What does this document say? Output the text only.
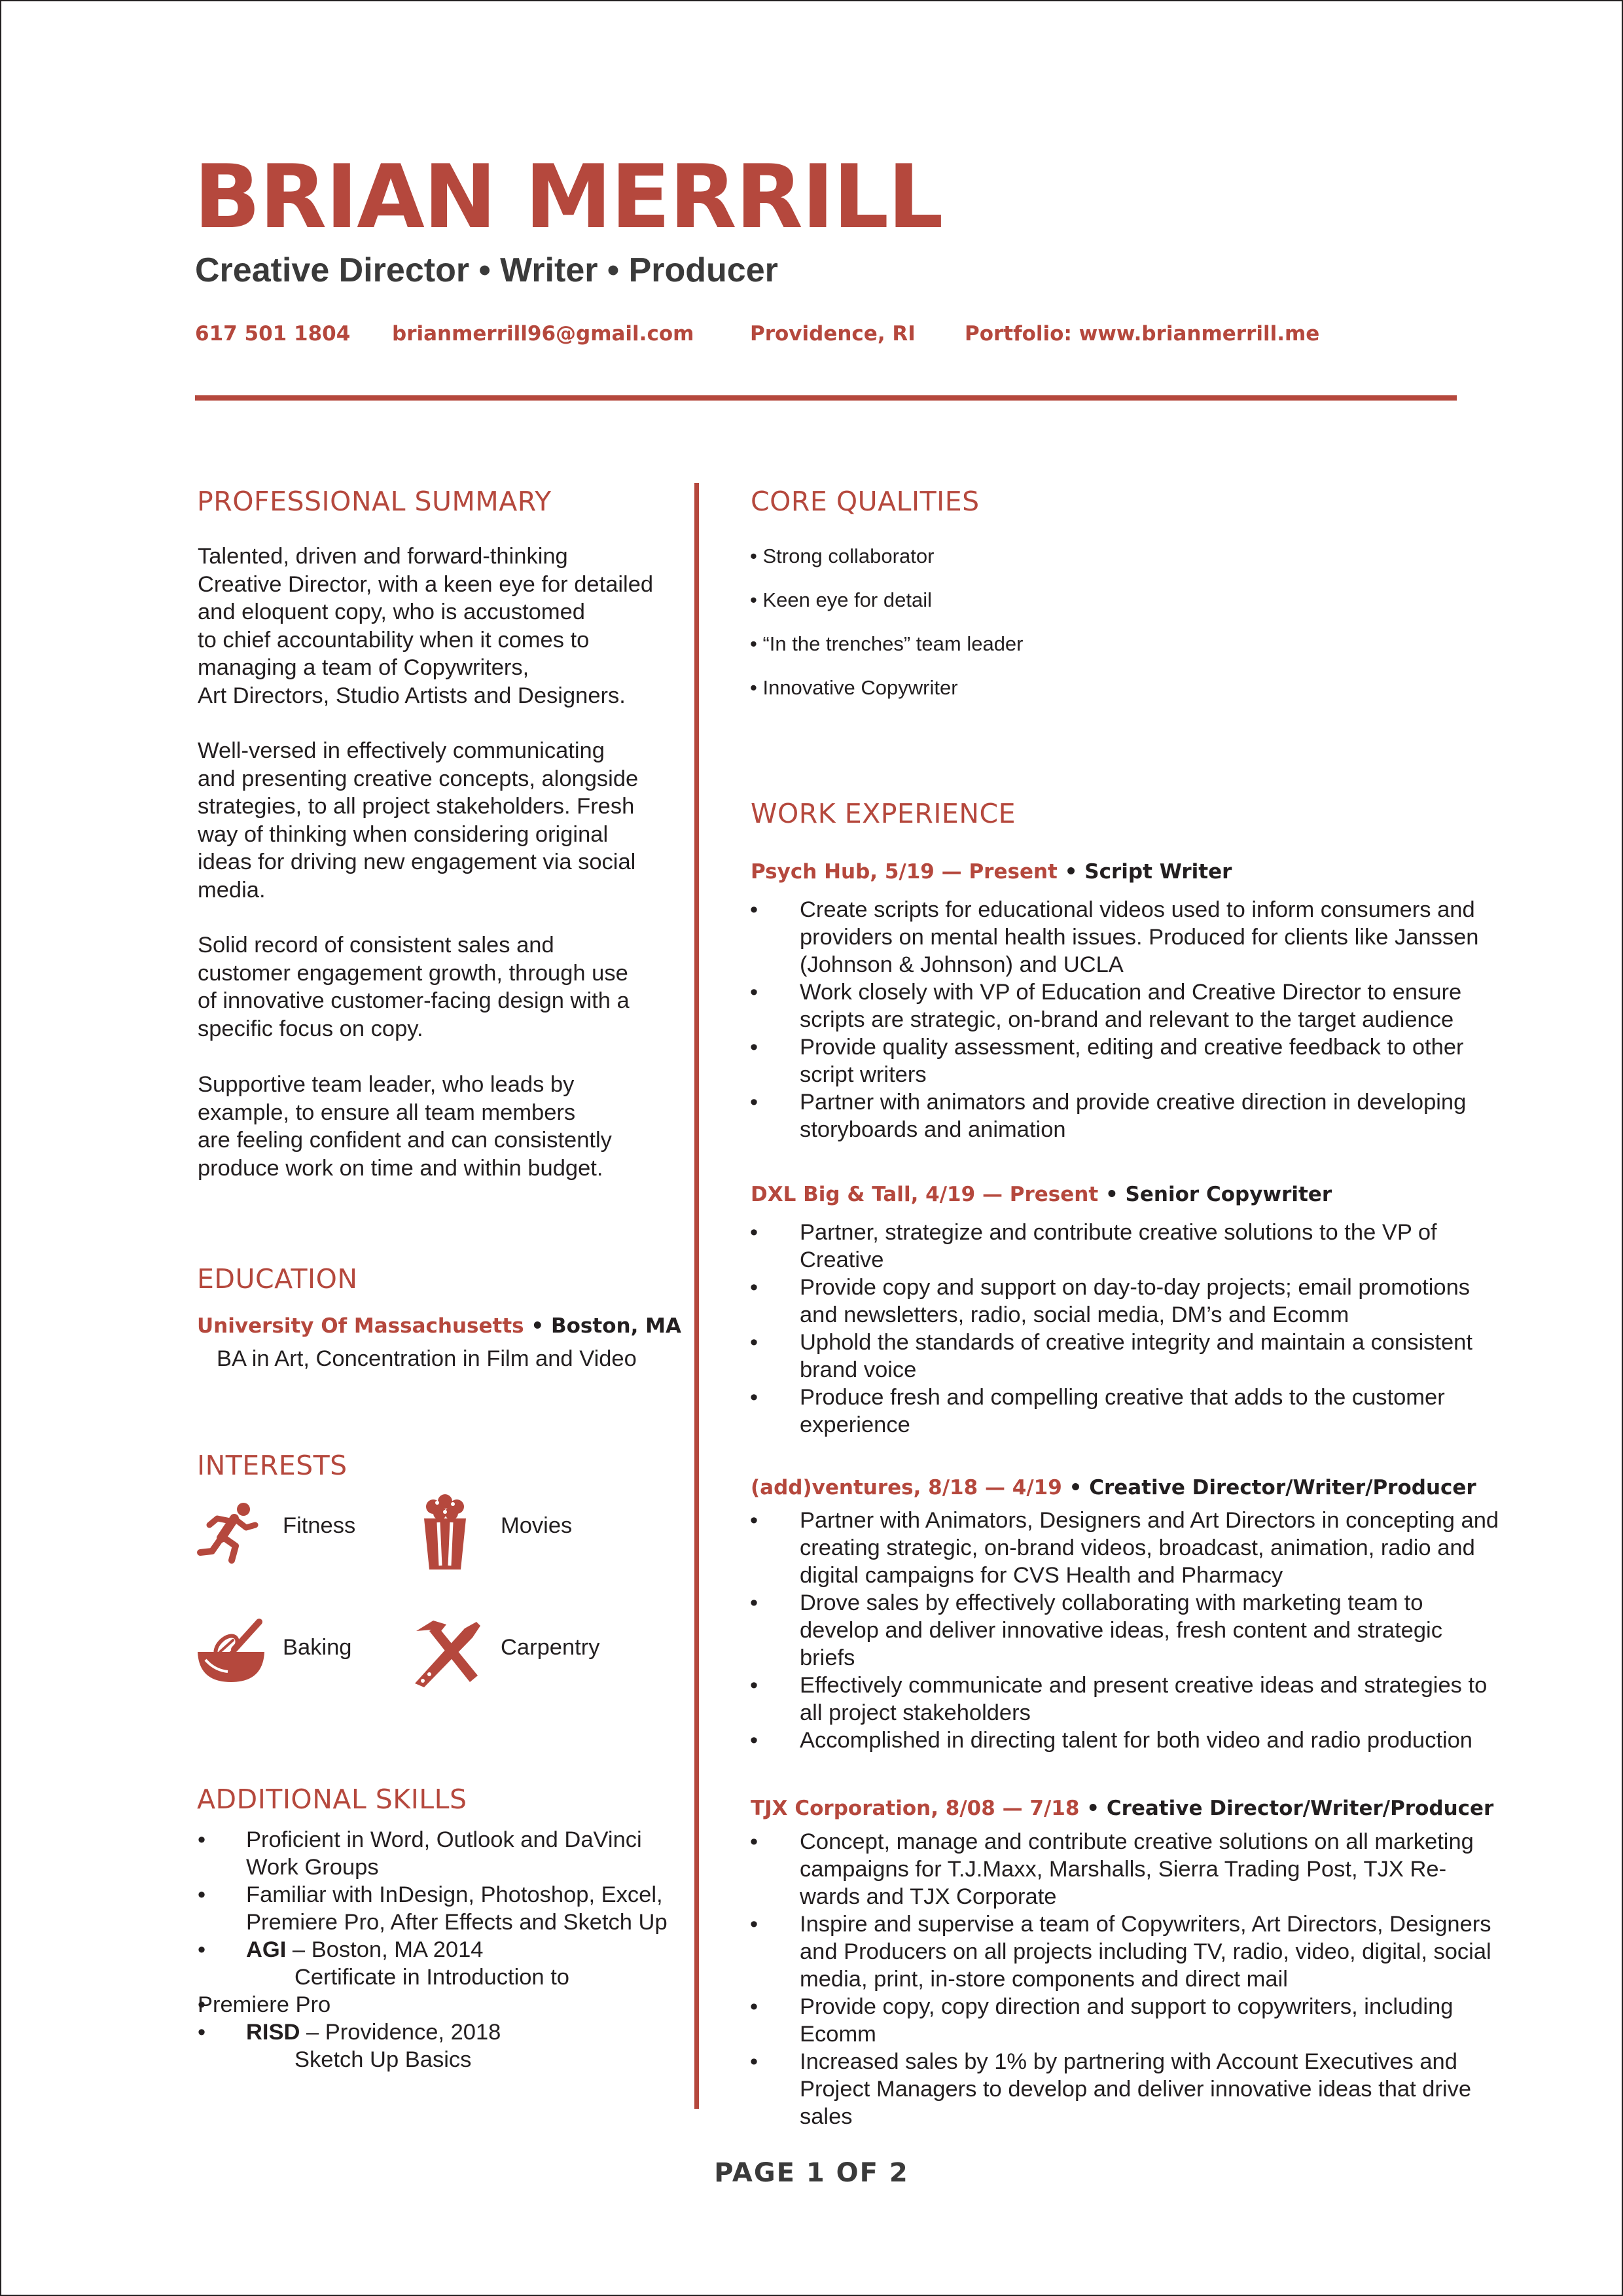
BRIAN MERRILL
Creative Director • Writer • Producer
617 501 1804 brianmerrill96@gmail.com	Providence, RI Portfolio: www.brianmerrill.me
PROFESSIONAL SUMMARY

Talented, driven and forward-thinking
Creative Director, with a keen eye for detailed
and eloquent copy, who is accustomed
to chief accountability when it comes to
managing a team of Copywriters,
Art Directors, Studio Artists and Designers.

Well-versed in effectively communicating
and presenting creative concepts, alongside
strategies, to all project stakeholders. Fresh
way of thinking when considering original
ideas for driving new engagement via social
media.

Solid record of consistent sales and
customer engagement growth, through use
of innovative customer-facing design with a
specific focus on copy.

Supportive team leader, who leads by
example, to ensure all team members
are feeling confident and can consistently
produce work on time and within budget.

EDUCATION
University Of Massachusetts • Boston, MA
BA in Art, Concentration in Film and Video
INTERESTS
Fitness	Movies
Baking	Carpentry
ADDITIONAL SKILLS
• Proficient in Word, Outlook and DaVinci Work Groups
• Familiar with InDesign, Photoshop, Excel, Premiere Pro, After Effects and Sketch Up
• AGI – Boston, MA 2014
Certificate in Introduction to
• Premiere Pro
• RISD – Providence, 2018
Sketch Up Basics
CORE QUALITIES
• Strong collaborator
• Keen eye for detail
• “In the trenches” team leader
• Innovative Copywriter
WORK EXPERIENCE
Psych Hub, 5/19 — Present • Script Writer
• Create scripts for educational videos used to inform consumers and providers on mental health issues. Produced for clients like Janssen (Johnson & Johnson) and UCLA
• Work closely with VP of Education and Creative Director to ensure scripts are strategic, on-brand and relevant to the target audience
• Provide quality assessment, editing and creative feedback to other script writers
• Partner with animators and provide creative direction in developing storyboards and animation
DXL Big & Tall, 4/19 — Present • Senior Copywriter
• Partner, strategize and contribute creative solutions to the VP of Creative
• Provide copy and support on day-to-day projects; email promotions and newsletters, radio, social media, DM’s and Ecomm
• Uphold the standards of creative integrity and maintain a consistent brand voice
• Produce fresh and compelling creative that adds to the customer experience
(add)ventures, 8/18 — 4/19 • Creative Director/Writer/Producer
• Partner with Animators, Designers and Art Directors in concepting and creating strategic, on-brand videos, broadcast, animation, radio and digital campaigns for CVS Health and Pharmacy
• Drove sales by effectively collaborating with marketing team to develop and deliver innovative ideas, fresh content and strategic briefs
• Effectively communicate and present creative ideas and strategies to all project stakeholders
• Accomplished in directing talent for both video and radio production
TJX Corporation, 8/08 — 7/18 • Creative Director/Writer/Producer
• Concept, manage and contribute creative solutions on all marketing campaigns for T.J.Maxx, Marshalls, Sierra Trading Post, TJX Re-wards and TJX Corporate
• Inspire and supervise a team of Copywriters, Art Directors, Designers and Producers on all projects including TV, radio, video, digital, social media, print, in-store components and direct mail
• Provide copy, copy direction and support to copywriters, including Ecomm
• Increased sales by 1% by partnering with Account Executives and Project Managers to develop and deliver innovative ideas that drive sales
PAGE 1 OF 2
